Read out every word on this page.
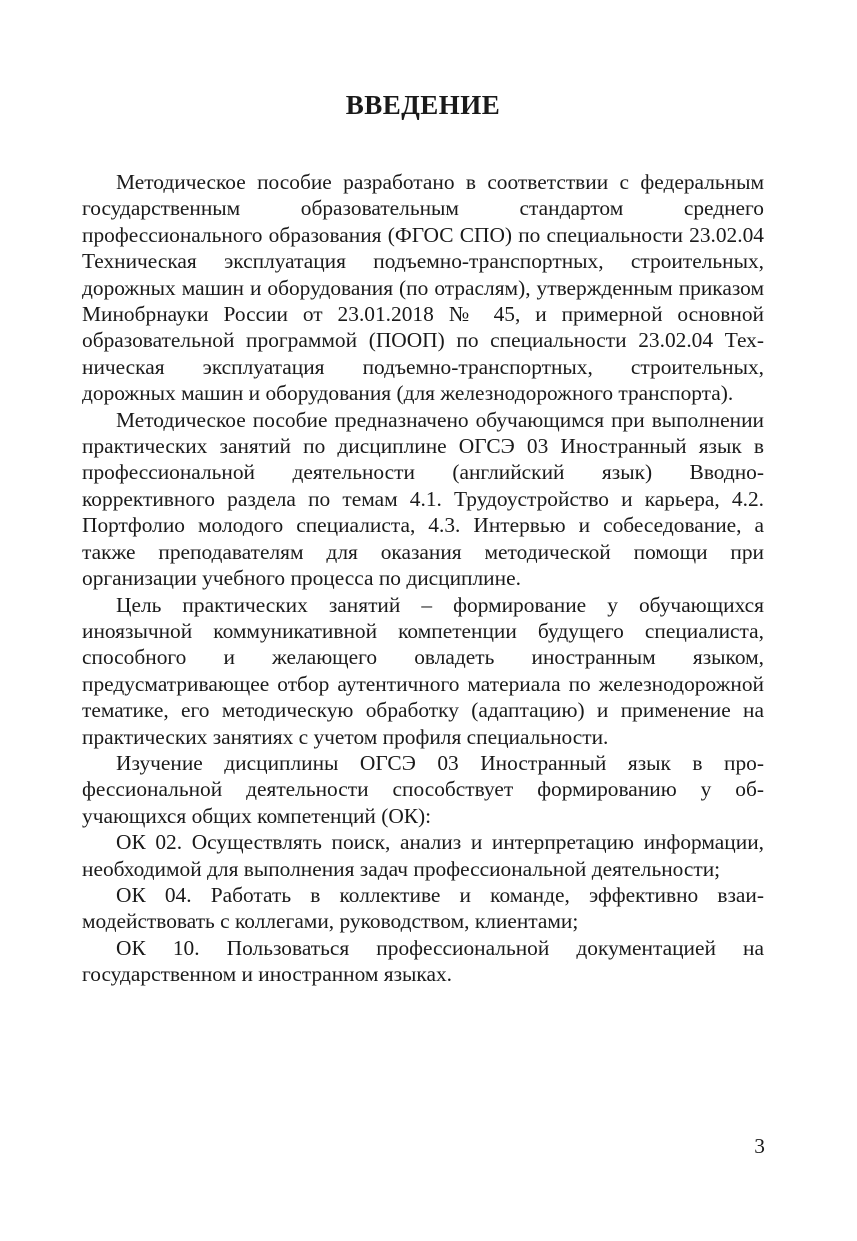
ВВЕДЕНИЕ

Методическое пособие разработано в соответствии с федеральным государственным образовательным стандартом среднего профессионального образования (ФГОС СПО) по специальности 23.02.04 Техническая эксплуатация подъемно-транспортных, строительных, дорожных машин и оборудования (по отраслям), утвержденным приказом Минобрнауки России от 23.01.2018 № 45, и примерной основной образовательной программой (ПООП) по специальности 23.02.04 Техническая эксплуатация подъемно-транспортных, строительных, дорожных машин и оборудования (для железнодорожного транспорта).

Методическое пособие предназначено обучающимся при выполнении практических занятий по дисциплине ОГСЭ 03 Иностранный язык в профессиональной деятельности (английский язык) Вводно-коррективного раздела по темам 4.1. Трудоустройство и карьера, 4.2. Портфолио молодого специалиста, 4.3. Интервью и собеседование, а также преподавателям для оказания методической помощи при организации учебного процесса по дисциплине.

Цель практических занятий – формирование у обучающихся иноязычной коммуникативной компетенции будущего специалиста, способного и желающего овладеть иностранным языком, предусматривающее отбор аутентичного материала по железнодорожной тематике, его методическую обработку (адаптацию) и применение на практических занятиях с учетом профиля специальности.

Изучение дисциплины ОГСЭ 03 Иностранный язык в профессиональной деятельности способствует формированию у обучающихся общих компетенций (ОК):

ОК 02. Осуществлять поиск, анализ и интерпретацию информации, необходимой для выполнения задач профессиональной деятельности;

ОК 04. Работать в коллективе и команде, эффективно взаимодействовать с коллегами, руководством, клиентами;

ОК 10. Пользоваться профессиональной документацией на государственном и иностранном языках.

3
